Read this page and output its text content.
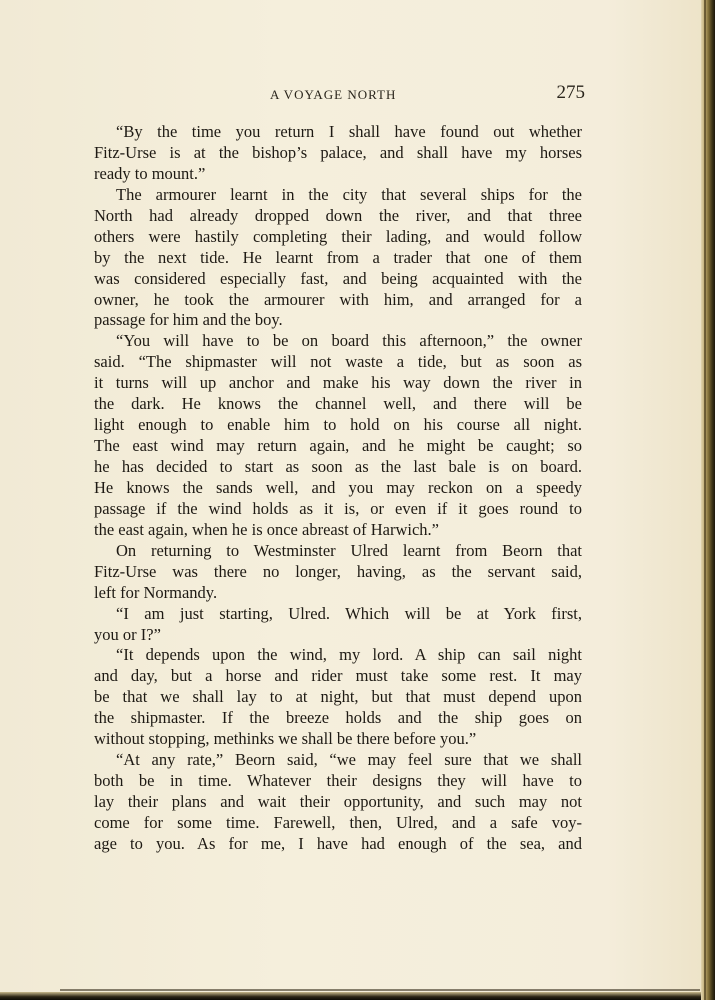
A VOYAGE NORTH	275
“By the time you return I shall have found out whether
Fitz-Urse is at the bishop’s palace, and shall have my horses
ready to mount.”
The armourer learnt in the city that several ships for the
North had already dropped down the river, and that three
others were hastily completing their lading, and would follow
by the next tide. He learnt from a trader that one of them
was considered especially fast, and being acquainted with the
owner, he took the armourer with him, and arranged for a
passage for him and the boy.
“You will have to be on board this afternoon,” the owner
said. “The shipmaster will not waste a tide, but as soon as
it turns will up anchor and make his way down the river in
the dark. He knows the channel well, and there will be
light enough to enable him to hold on his course all night.
The east wind may return again, and he might be caught; so
he has decided to start as soon as the last bale is on board.
He knows the sands well, and you may reckon on a speedy
passage if the wind holds as it is, or even if it goes round to
the east again, when he is once abreast of Harwich.”
On returning to Westminster Ulred learnt from Beorn that
Fitz-Urse was there no longer, having, as the servant said,
left for Normandy.
“I am just starting, Ulred. Which will be at York first,
you or I?”
“It depends upon the wind, my lord. A ship can sail night
and day, but a horse and rider must take some rest. It may
be that we shall lay to at night, but that must depend upon
the shipmaster. If the breeze holds and the ship goes on
without stopping, methinks we shall be there before you.”
“At any rate,” Beorn said, “we may feel sure that we shall
both be in time. Whatever their designs they will have to
lay their plans and wait their opportunity, and such may not
come for some time. Farewell, then, Ulred, and a safe voy-
age to you. As for me, I have had enough of the sea, and
